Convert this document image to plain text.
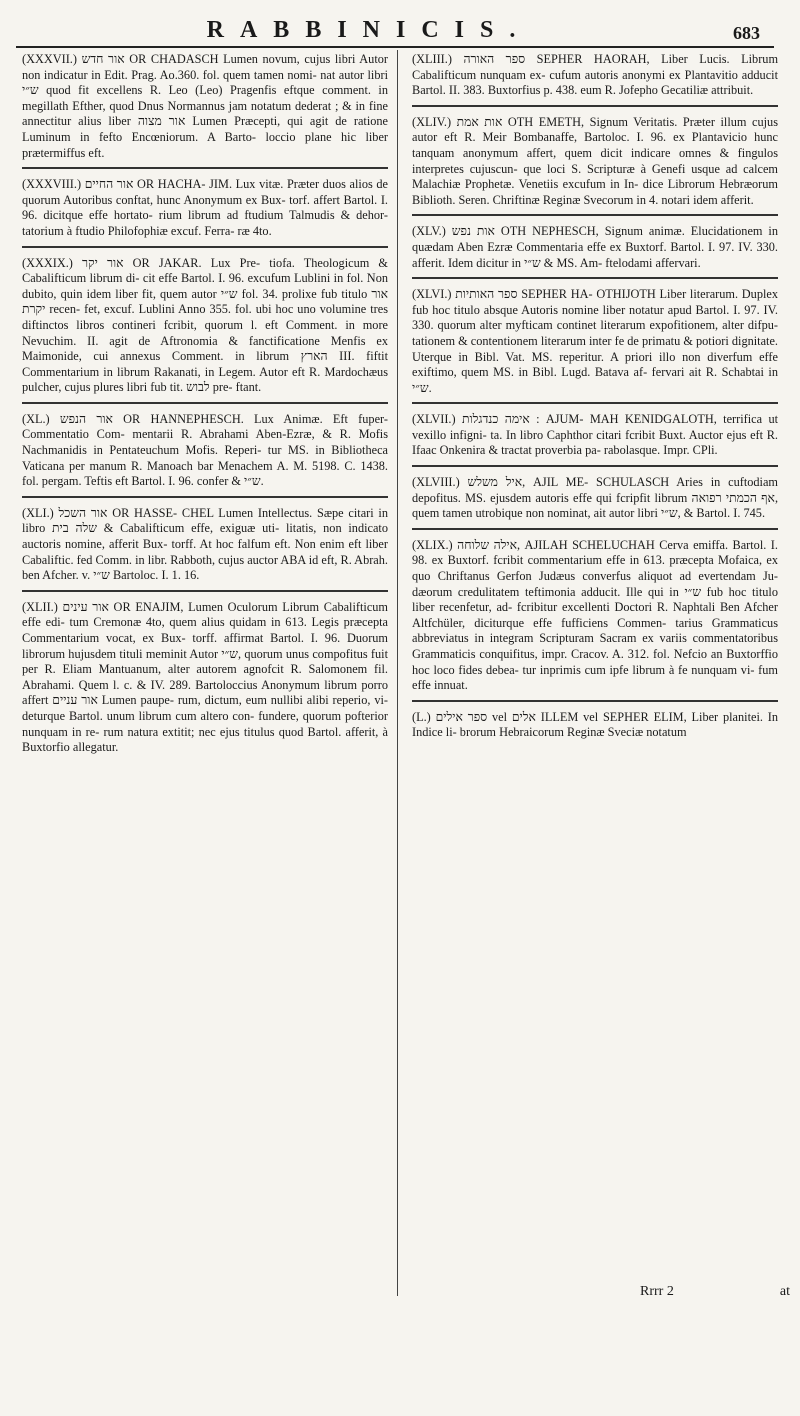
RABBINICIS.	683

(XXXVII.) אור חדש OR CHADASCH Lumen novum, cujus libri Autor non indicatur in Edit. Prag. Ao.360. fol. quem tamen nomi- nat autor libri ש״י quod fit excellens R. Leo (Leo) Pragenfis eftque comment. in megillath Efther, quod Dnus Normannus jam notatum dederat ; & in fine annectitur alius liber אור מצוה Lumen Præcepti, qui agit de ratione Luminum in fefto Encœniorum. A Barto- loccio plane hic liber prætermiffus eft.

(XXXVIII.) אור החיים OR HACHA- JIM. Lux vitæ. Præter duos alios de quorum Autoribus conftat, hunc Anonymum ex Bux- torf. affert Bartol. I. 96. dicitque effe hortato- rium librum ad ftudium Talmudis & dehor- tatorium à ftudio Philofophiæ excuf. Ferra- ræ 4to.

(XXXIX.) אור יקר OR JAKAR. Lux Pre- tiofa. Theologicum & Cabalifticum librum di- cit effe Bartol. I. 96. excufum Lublini in fol. Non dubito, quin idem liber fit, quem autor ש״י fol. 34. prolixe fub titulo אור יקרת recen- fet, excuf. Lublini Anno 355. fol. ubi hoc uno volumine tres diftinctos libros contineri fcribit, quorum l. eft Comment. in more Nevuchim. II. agit de Aftronomia & fanctificatione Menfis ex Maimonide, cui annexus Comment. in librum הארץ III. fiftit Commentarium in librum Rakanati, in Legem. Autor eft R. Mardochæus pulcher, cujus plures libri fub tit. לבוש pre- ftant.

(XL.) אור הנפש OR HANNEPHESCH. Lux Animæ. Eft fuper-Commentatio Com- mentarii R. Abrahami Aben-Ezræ, & R. Mofis Nachmanidis in Pentateuchum Mofis. Reperi- tur MS. in Bibliotheca Vaticana per manum R. Manoach bar Menachem A. M. 5198. C. 1438. fol. pergam. Teftis eft Bartol. I. 96. confer & ש״י.

(XLI.) אור השכל OR HASSE- CHEL Lumen Intellectus. Sæpe citari in libro שלה בית & Cabalifticum effe, exiguæ uti- litatis, non indicato auctoris nomine, afferit Bux- torff. At hoc falfum eft. Non enim eft liber Cabaliftic. fed Comm. in libr. Rabboth, cujus auctor ABA id eft, R. Abrah. ben Afcher. v. ש״י Bartoloc. I. 1. 16.

(XLII.) אור עינים OR ENAJIM, Lumen Oculorum Librum Cabalifticum effe edi- tum Cremonæ 4to, quem alius quidam in 613. Legis præcepta Commentarium vocat, ex Bux- torff. affirmat Bartol. I. 96. Duorum librorum hujusdem tituli meminit Autor ש״י, quorum unus compofitus fuit per R. Eliam Mantuanum, alter autorem agnofcit R. Salomonem fil. Abrahami. Quem l. c. & IV. 289. Bartoloccius Anonymum librum porro affert אור עניים Lumen paupe- rum, dictum, eum nullibi alibi reperio, vi- deturque Bartol. unum librum cum altero con- fundere, quorum pofterior nunquam in re- rum natura extitit; nec ejus titulus quod Bartol. afferit, à Buxtorfio allegatur.

(XLIII.) ספר האורה SEPHER HAORAH, Liber Lucis. Librum Cabalifticum nunquam ex- cufum autoris anonymi ex Plantavitio adducit Bartol. II. 383. Buxtorfius p. 438. eum R. Jofepho Gecatiliæ attribuit.

(XLIV.) אות אמת OTH EMETH, Signum Veritatis. Præter illum cujus autor eft R. Meir Bombanaffe, Bartoloc. I. 96. ex Plantavicio hunc tanquam anonymum affert, quem dicit indicare omnes & fingulos interpretes cujuscun- que loci S. Scripturæ à Genefi usque ad calcem Malachiæ Prophetæ. Venetiis excufum in In- dice Librorum Hebræorum Biblioth. Seren. Chriftinæ Reginæ Svecorum in 4. notari idem afferit.

(XLV.) אות נפש OTH NEPHESCH, Signum animæ. Elucidationem in quædam Aben Ezræ Commentaria effe ex Buxtorf. Bartol. I. 97. IV. 330. afferit. Idem dicitur in ש״י & MS. Am- ftelodami affervari.

(XLVI.) ספר האותיות SEPHER HA- OTHIJOTH Liber literarum. Duplex fub hoc titulo absque Autoris nomine liber notatur apud Bartol. I. 97. IV. 330. quorum alter myfticam continet literarum expofitionem, alter difpu- tationem & contentionem literarum inter fe de primatu & potiori dignitate. Uterque in Bibl. Vat. MS. reperitur. A priori illo non diverfum effe exiftimo, quem MS. in Bibl. Lugd. Batava af- fervari ait R. Schabtai in ש״י.

(XLVII.) אימה כנדגלות : AJUM- MAH KENIDGALOTH, terrifica ut vexillo infigni- ta. In libro Caphthor citari fcribit Buxt. Auctor ejus eft R. Ifaac Onkenira & tractat proverbia pa- rabolasque. Impr. CPli.

(XLVIII.) איל משלש, AJIL ME- SCHULASCH Aries in cuftodiam depofitus. MS. ejusdem autoris effe qui fcripfit librum אף הכמתי רפואה, quem tamen utrobique non nominat, ait autor libri ש״י, & Bartol. I. 745.

(XLIX.) אילה שלוחה, AJILAH SCHELUCHAH Cerva emiffa. Bartol. I. 98. ex Buxtorf. fcribit commentarium effe in 613. præcepta Mofaica, ex quo Chriftanus Gerfon Judæus converfus aliquot ad evertendam Ju- dæorum credulitatem teftimonia adducit. Ille qui in ש״י fub hoc titulo liber recenfetur, ad- fcribitur excellenti Doctori R. Naphtali Ben Afcher Altfchüler, diciturque effe fufficiens Commen- tarius Grammaticus abbreviatus in integram Scripturam Sacram ex variis commentatoribus Grammaticis conquifitus, impr. Cracov. A. 312. fol. Nefcio an Buxtorffio hoc loco fides debea- tur inprimis cum ipfe librum à fe nunquam vi- fum effe innuat.

(L.) ספר אילים vel אלים ILLEM vel SEPHER ELIM, Liber planitei. In Indice li- brorum Hebraicorum Reginæ Sveciæ notatum

Rrrr 2	at
